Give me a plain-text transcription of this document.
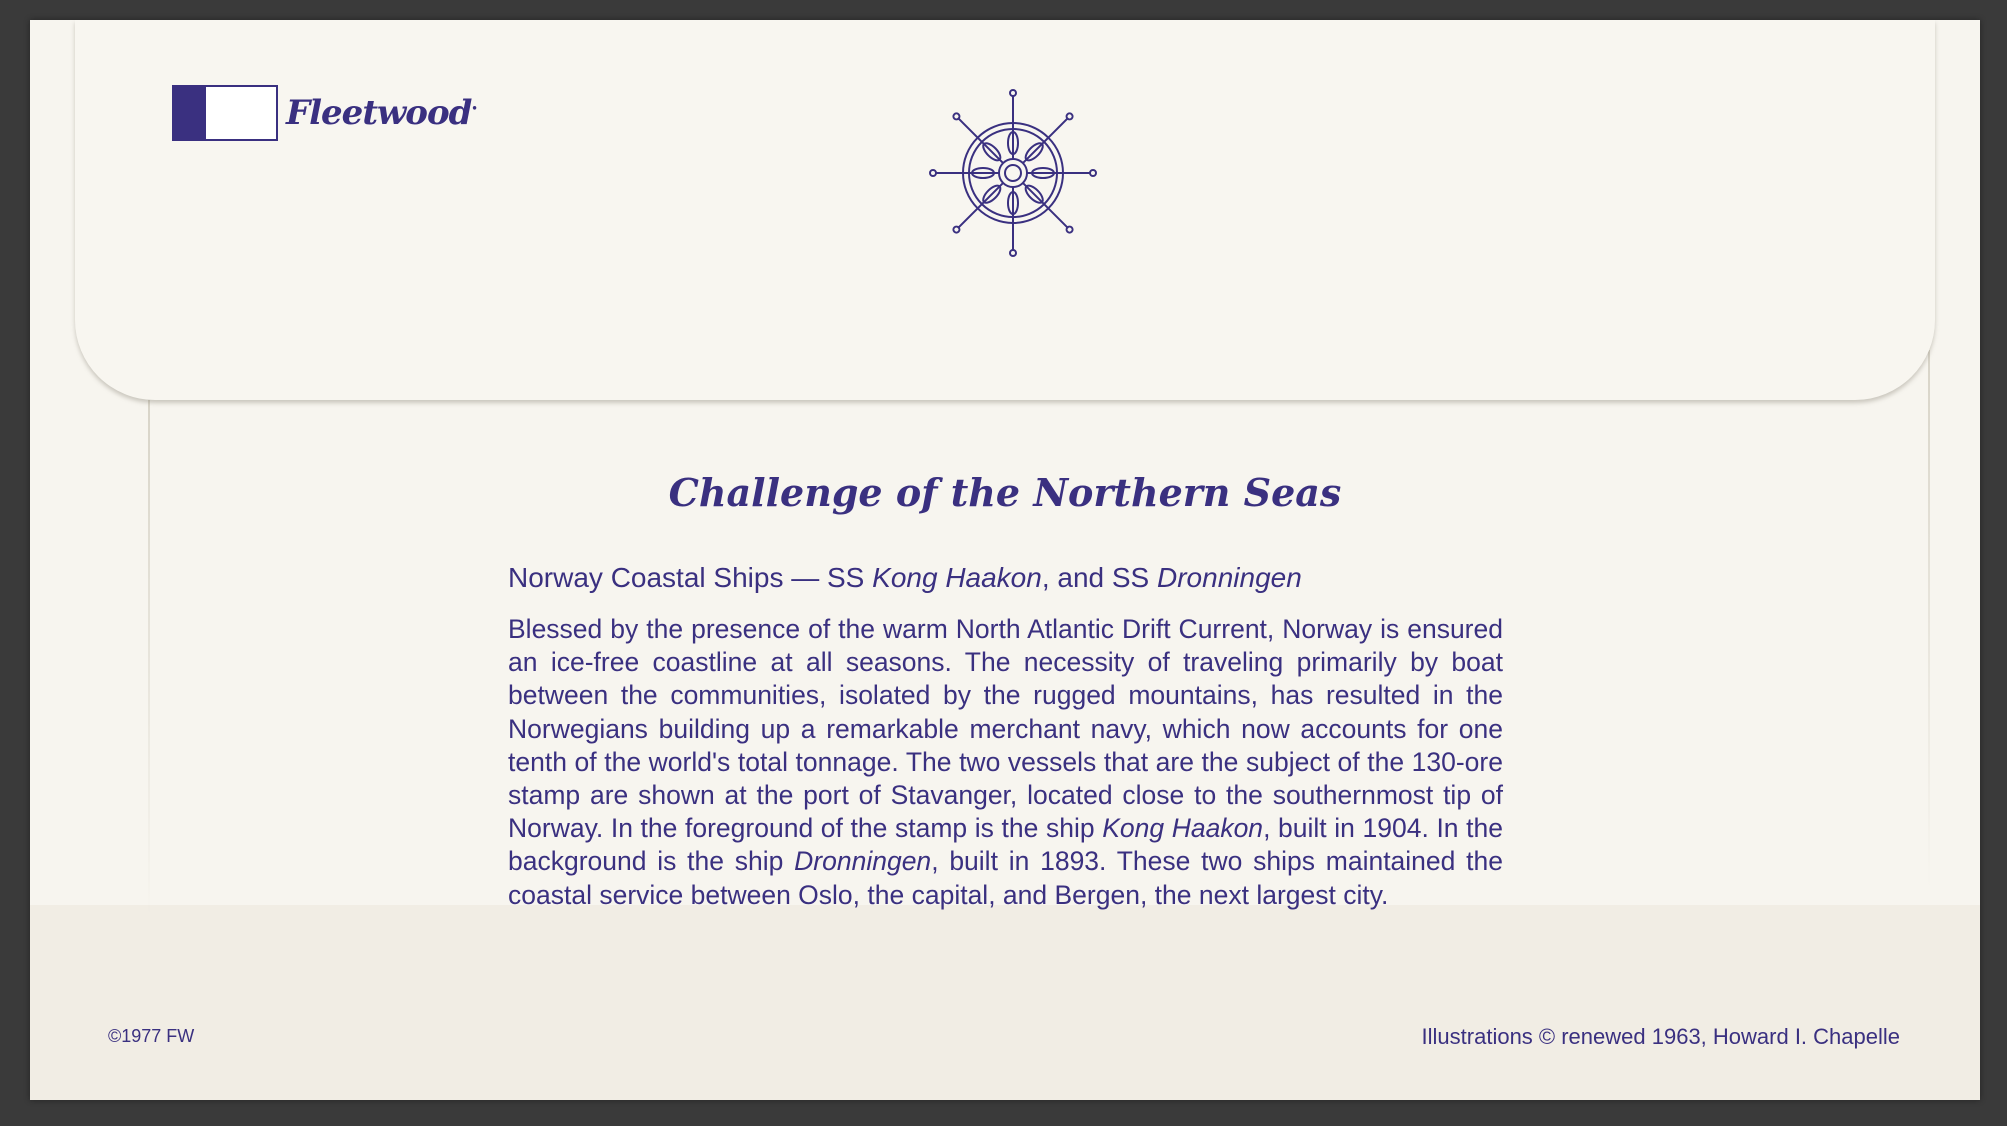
Fleetwood•
Challenge of the Northern Seas
Norway Coastal Ships — SS Kong Haakon, and SS Dronningen
Blessed by the presence of the warm North Atlantic Drift Current, Norway is ensured an ice-free coastline at all seasons. The necessity of traveling primarily by boat between the communities, isolated by the rugged mountains, has resulted in the Norwegians building up a remarkable merchant navy, which now accounts for one tenth of the world's total tonnage. The two vessels that are the subject of the 130-ore stamp are shown at the port of Stavanger, located close to the southernmost tip of Norway. In the foreground of the stamp is the ship Kong Haakon, built in 1904. In the background is the ship Dronningen, built in 1893. These two ships maintained the coastal service between Oslo, the capital, and Bergen, the next largest city.
©1977 FW	Illustrations © renewed 1963, Howard I. Chapelle
